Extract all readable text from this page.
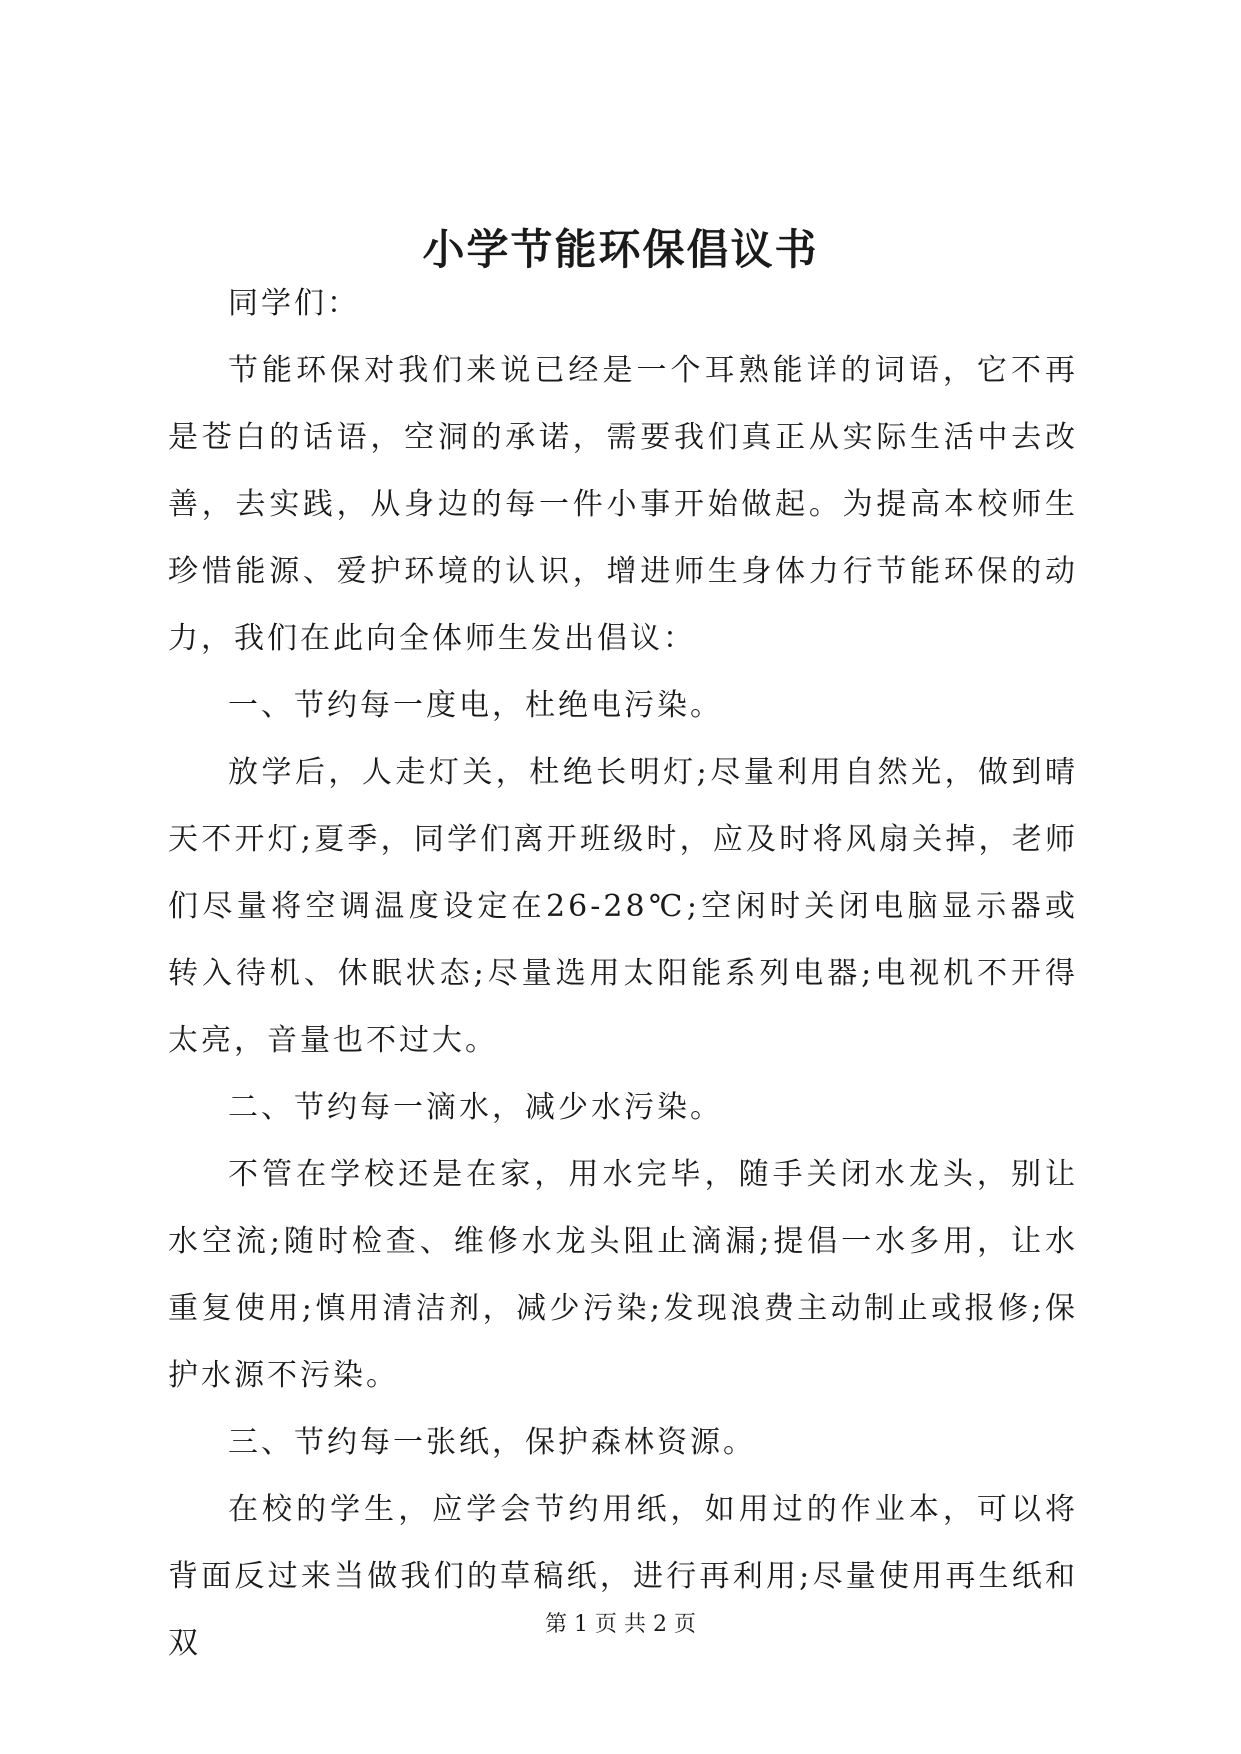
小学节能环保倡议书

同学们：

节能环保对我们来说已经是一个耳熟能详的词语，它不再是苍白的话语，空洞的承诺，需要我们真正从实际生活中去改善，去实践，从身边的每一件小事开始做起。为提高本校师生珍惜能源、爱护环境的认识，增进师生身体力行节能环保的动力，我们在此向全体师生发出倡议：

一、节约每一度电，杜绝电污染。

放学后，人走灯关，杜绝长明灯;尽量利用自然光，做到晴天不开灯;夏季，同学们离开班级时，应及时将风扇关掉，老师们尽量将空调温度设定在26-28℃;空闲时关闭电脑显示器或转入待机、休眠状态;尽量选用太阳能系列电器;电视机不开得太亮，音量也不过大。

二、节约每一滴水，减少水污染。

不管在学校还是在家，用水完毕，随手关闭水龙头，别让水空流;随时检查、维修水龙头阻止滴漏;提倡一水多用，让水重复使用;慎用清洁剂，减少污染;发现浪费主动制止或报修;保护水源不污染。

三、节约每一张纸，保护森林资源。

在校的学生，应学会节约用纸，如用过的作业本，可以将背面反过来当做我们的草稿纸，进行再利用;尽量使用再生纸和双

第 1 页 共 2 页
